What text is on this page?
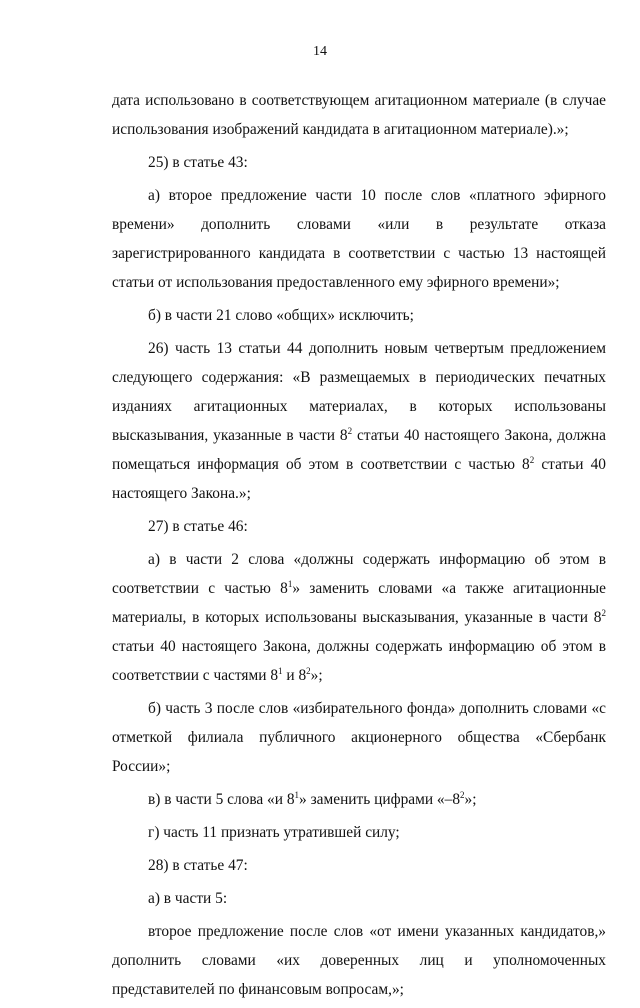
14

дата использовано в соответствующем агитационном материале (в случае использования изображений кандидата в агитационном материале).»;

25) в статье 43:

а) второе предложение части 10 после слов «платного эфирного времени» дополнить словами «или в результате отказа зарегистрированного кандидата в соответствии с частью 13 настоящей статьи от использования предоставленного ему эфирного времени»;

б) в части 21 слово «общих» исключить;

26) часть 13 статьи 44 дополнить новым четвертым предложением следующего содержания: «В размещаемых в периодических печатных изданиях агитационных материалах, в которых использованы высказывания, указанные в части $8^2$ статьи 40 настоящего Закона, должна помещаться информация об этом в соответствии с частью $8^2$ статьи 40 настоящего Закона.»;

27) в статье 46:

а) в части 2 слова «должны содержать информацию об этом в соответствии с частью $8^1$» заменить словами «а также агитационные материалы, в которых использованы высказывания, указанные в части $8^2$ статьи 40 настоящего Закона, должны содержать информацию об этом в соответствии с частями $8^1$ и $8^2$»;

б) часть 3 после слов «избирательного фонда» дополнить словами «с отметкой филиала публичного акционерного общества «Сбербанк России»;

в) в части 5 слова «и $8^1$» заменить цифрами «$-8^2$»;

г) часть 11 признать утратившей силу;

28) в статье 47:

а) в части 5:

второе предложение после слов «от имени указанных кандидатов,» дополнить словами «их доверенных лиц и уполномоченных представителей по финансовым вопросам,»;
